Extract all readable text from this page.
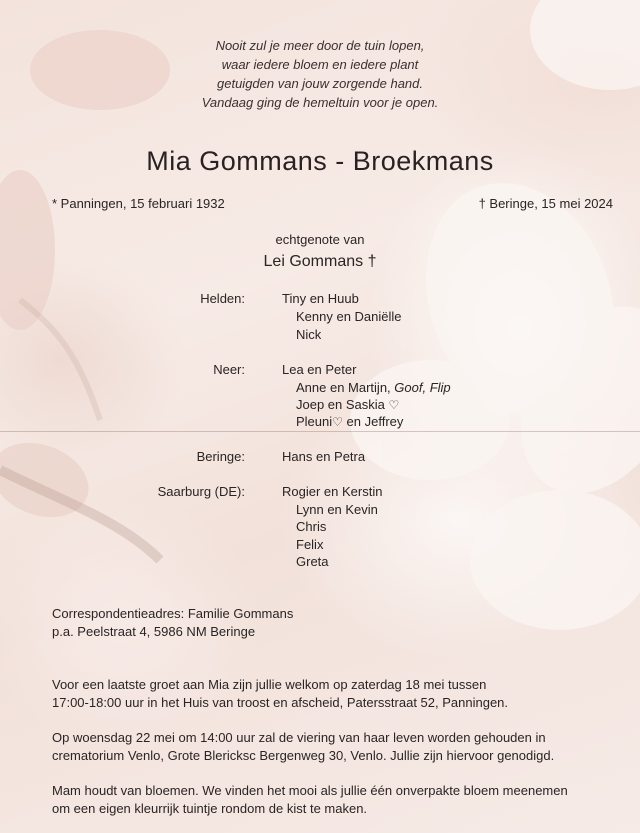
Nooit zul je meer door de tuin lopen,
waar iedere bloem en iedere plant
getuigden van jouw zorgende hand.
Vandaag ging de hemeltuin voor je open.
Mia Gommans - Broekmans
* Panningen, 15 februari 1932	† Beringe, 15 mei 2024
echtgenote van
Lei Gommans †
Helden:	Tiny en Huub
Kenny en Daniëlle
Nick
Neer:	Lea en Peter
Anne en Martijn, Goof, Flip
Joep en Saskia ♡
Pleuni♡ en Jeffrey
Beringe:	Hans en Petra
Saarburg (DE):	Rogier en Kerstin
Lynn en Kevin
Chris
Felix
Greta
Correspondentieadres: Familie Gommans
p.a. Peelstraat 4, 5986 NM Beringe
Voor een laatste groet aan Mia zijn jullie welkom op zaterdag 18 mei tussen
17:00-18:00 uur in het Huis van troost en afscheid, Patersstraat 52, Panningen.
Op woensdag 22 mei om 14:00 uur zal de viering van haar leven worden gehouden in
crematorium Venlo, Grote Blericksc Bergenweg 30, Venlo. Jullie zijn hiervoor genodigd.
Mam houdt van bloemen. We vinden het mooi als jullie één onverpakte bloem meenemen
om een eigen kleurrijk tuintje rondom de kist te maken.
